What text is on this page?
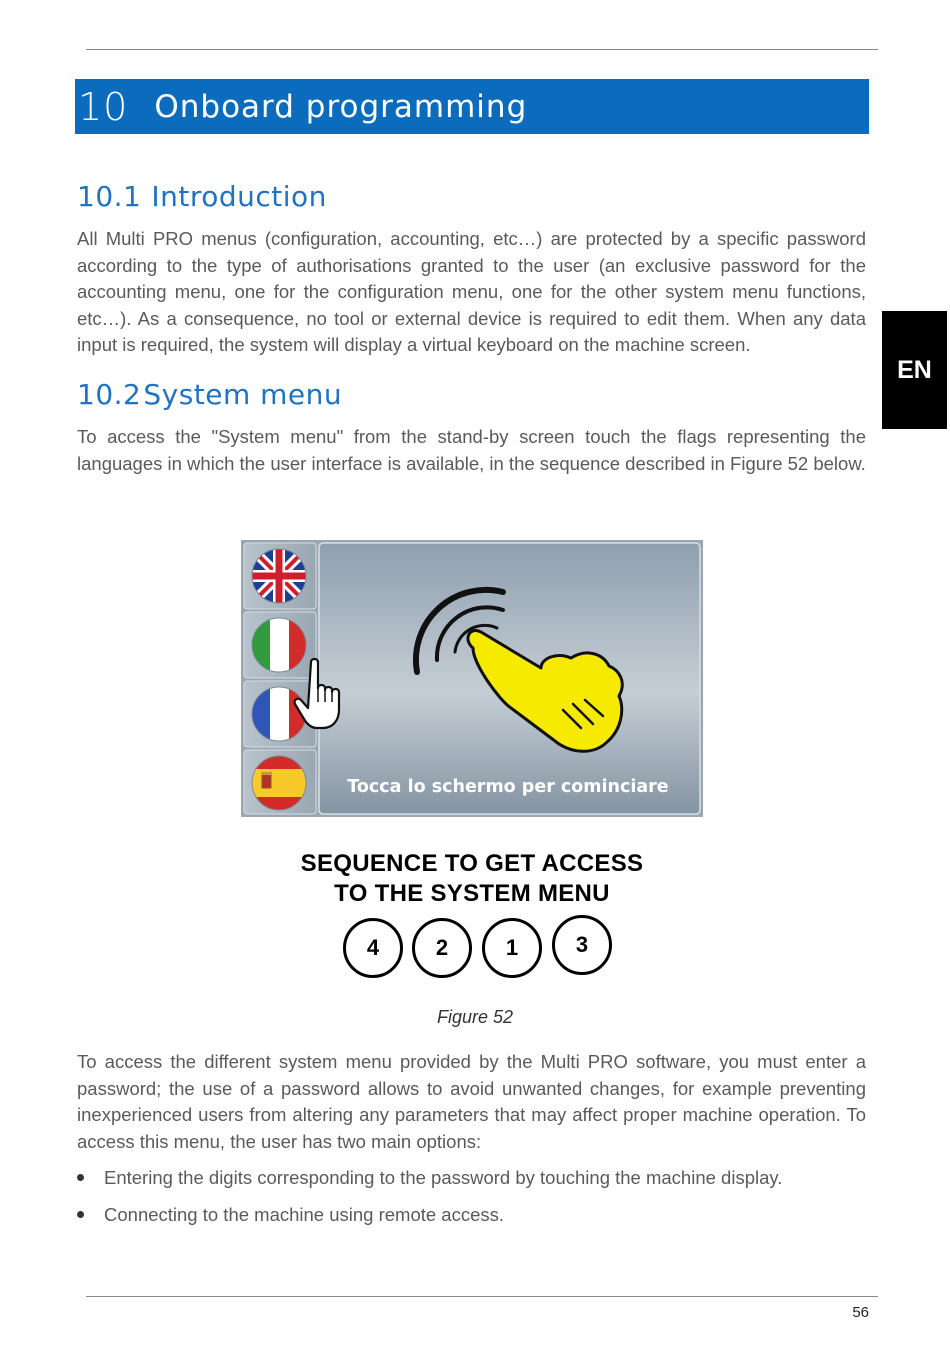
10 Onboard programming
EN
10.1 Introduction

All Multi PRO menus (configuration, accounting, etc…) are protected by a specific password according to the type of authorisations granted to the user (an exclusive password for the accounting menu, one for the configuration menu, one for the other system menu functions, etc…). As a consequence, no tool or external device is required to edit them. When any data input is required, the system will display a virtual keyboard on the machine screen.

10.2System menu

To access the "System menu" from the stand-by screen touch the flags representing the languages in which the user interface is available, in the sequence described in Figure 52 below.

Tocca lo schermo per cominciare
SEQUENCE TO GET ACCESS
TO THE SYSTEM MENU
4	2	1	3
Figure 52

To access the different system menu provided by the Multi PRO software, you must enter a password; the use of a password allows to avoid unwanted changes, for example preventing inexperienced users from altering any parameters that may affect proper machine operation. To access this menu, the user has two main options:

Entering the digits corresponding to the password by touching the machine display.
Connecting to the machine using remote access.
56
